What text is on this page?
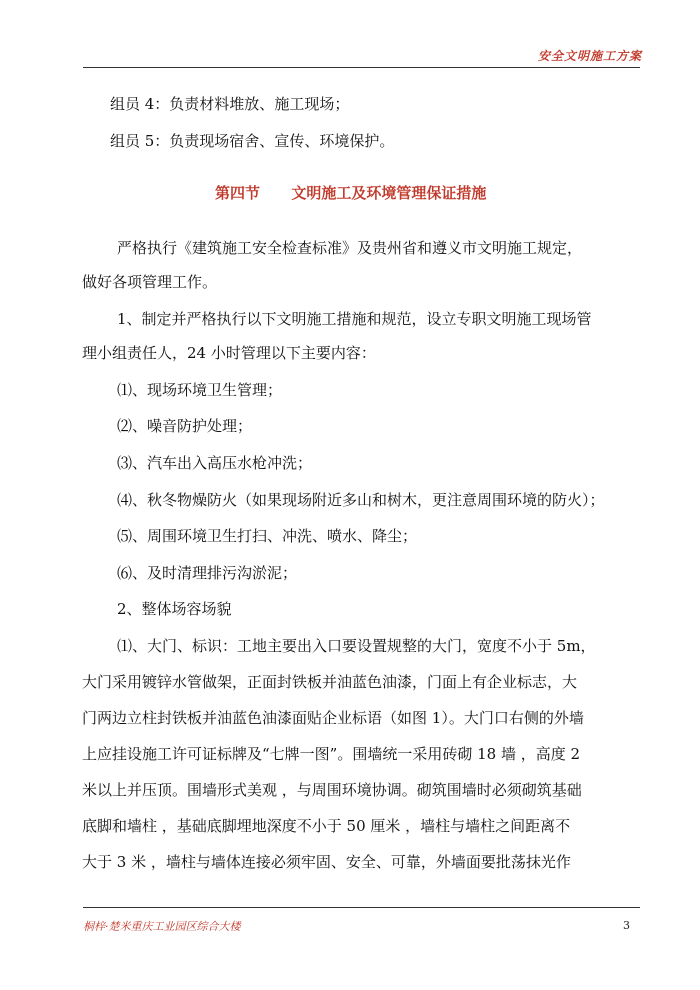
安全文明施工方案
组员 4：负责材料堆放、施工现场；
组员 5：负责现场宿舍、宣传、环境保护。
第四节      文明施工及环境管理保证措施
严格执行《建筑施工安全检查标准》及贵州省和遵义市文明施工规定，
做好各项管理工作。
1、制定并严格执行以下文明施工措施和规范，设立专职文明施工现场管
理小组责任人，24 小时管理以下主要内容：
⑴、现场环境卫生管理；
⑵、噪音防护处理；
⑶、汽车出入高压水枪冲洗；
⑷、秋冬物燥防火（如果现场附近多山和树木，更注意周围环境的防火）；
⑸、周围环境卫生打扫、冲洗、喷水、降尘；
⑹、及时清理排污沟淤泥；
2、整体场容场貌
⑴、大门、标识：工地主要出入口要设置规整的大门，宽度不小于 5m，
大门采用镀锌水管做架，正面封铁板并油蓝色油漆，门面上有企业标志，大
门两边立柱封铁板并油蓝色油漆面贴企业标语（如图 1）。大门口右侧的外墙
上应挂设施工许可证标牌及“七牌一图”。围墙统一采用砖砌 18 墙 ，高度 2
米以上并压顶。围墙形式美观 ，与周围环境协调。砌筑围墙时必须砌筑基础
底脚和墙柱 ，基础底脚埋地深度不小于 50 厘米 ，墙柱与墙柱之间距离不
大于 3 米 ，墙柱与墙体连接必须牢固、安全、可靠，外墙面要批荡抹光作
桐梓·楚米重庆工业园区综合大楼	3
